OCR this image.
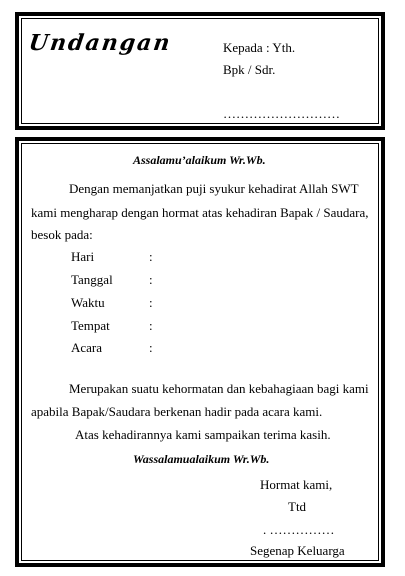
Undangan	Kepada : Yth.
Bpk / Sdr.
………………………
Assalamu’alaikum Wr.Wb.
Dengan memanjatkan puji syukur kehadirat Allah SWT
kami mengharap dengan hormat atas kehadiran Bapak / Saudara,
besok pada:
Hari	:
Tanggal	:
Waktu	:
Tempat	:
Acara	:
Merupakan suatu kehormatan dan kebahagiaan bagi kami
apabila Bapak/Saudara berkenan hadir pada acara kami.
Atas kehadirannya kami sampaikan terima kasih.
Wassalamualaikum Wr.Wb.
Hormat kami,
Ttd
. ……………
Segenap Keluarga
